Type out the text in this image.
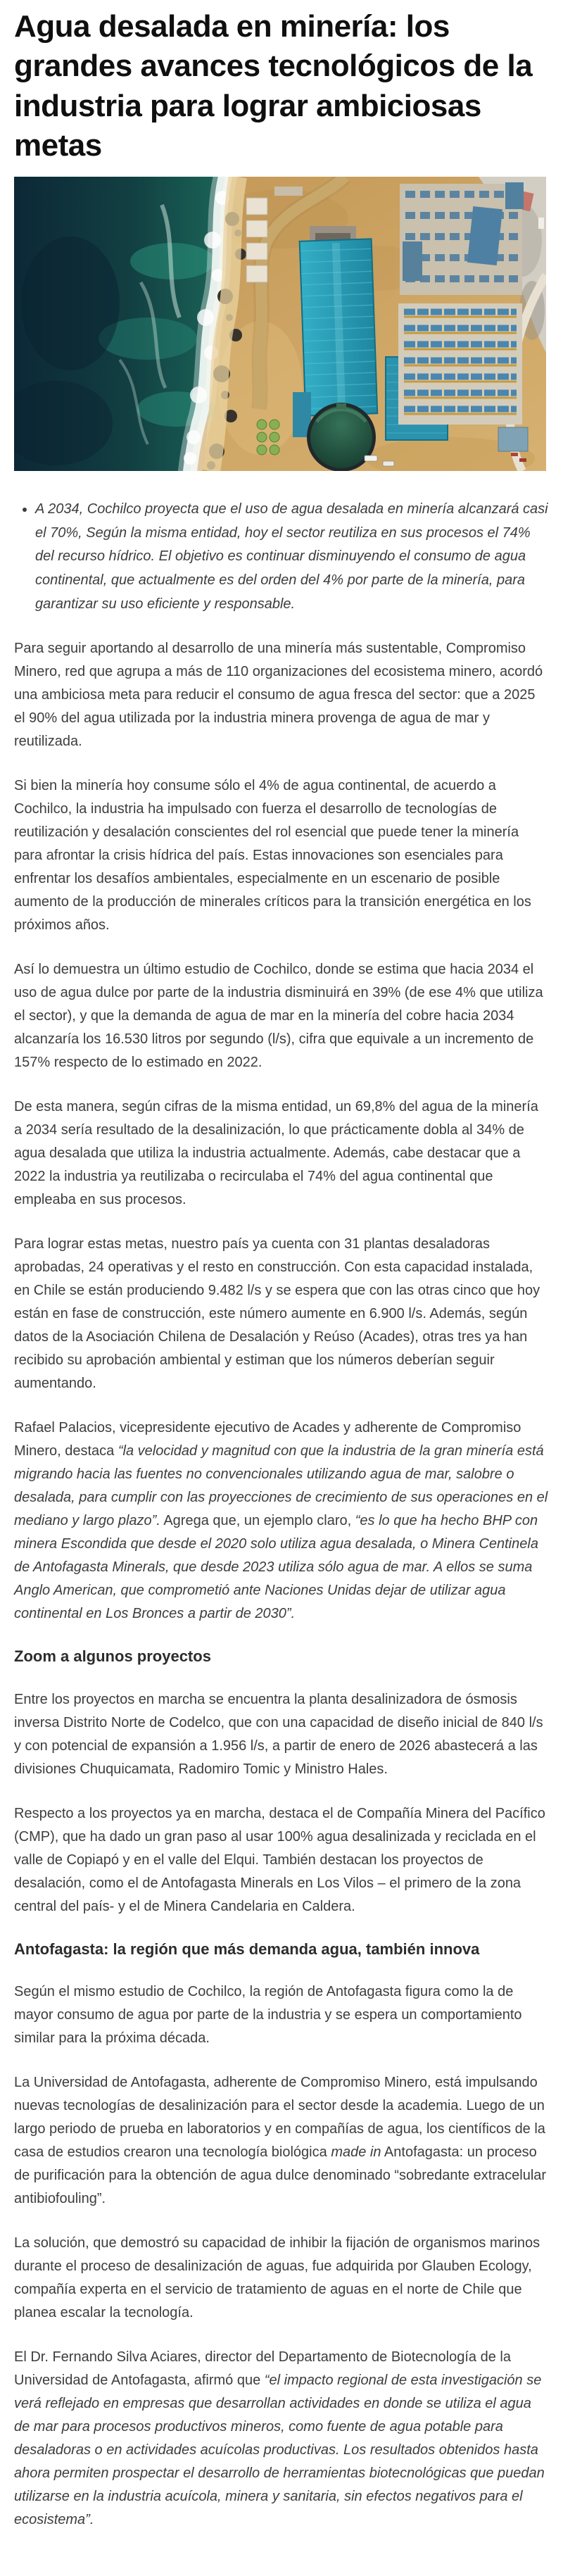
Agua desalada en minería: los grandes avances tecnológicos de la industria para lograr ambiciosas metas
• A 2034, Cochilco proyecta que el uso de agua desalada en minería alcanzará casi el 70%, Según la misma entidad, hoy el sector reutiliza en sus procesos el 74% del recurso hídrico. El objetivo es continuar disminuyendo el consumo de agua continental, que actualmente es del orden del 4% por parte de la minería, para garantizar su uso eficiente y responsable.

Para seguir aportando al desarrollo de una minería más sustentable, Compromiso Minero, red que agrupa a más de 110 organizaciones del ecosistema minero, acordó una ambiciosa meta para reducir el consumo de agua fresca del sector: que a 2025 el 90% del agua utilizada por la industria minera provenga de agua de mar y reutilizada.

Si bien la minería hoy consume sólo el 4% de agua continental, de acuerdo a Cochilco, la industria ha impulsado con fuerza el desarrollo de tecnologías de reutilización y desalación conscientes del rol esencial que puede tener la minería para afrontar la crisis hídrica del país. Estas innovaciones son esenciales para enfrentar los desafíos ambientales, especialmente en un escenario de posible aumento de la producción de minerales críticos para la transición energética en los próximos años.

Así lo demuestra un último estudio de Cochilco, donde se estima que hacia 2034 el uso de agua dulce por parte de la industria disminuirá en 39% (de ese 4% que utiliza el sector), y que la demanda de agua de mar en la minería del cobre hacia 2034 alcanzaría los 16.530 litros por segundo (l/s), cifra que equivale a un incremento de 157% respecto de lo estimado en 2022.

De esta manera, según cifras de la misma entidad, un 69,8% del agua de la minería a 2034 sería resultado de la desalinización, lo que prácticamente dobla al 34% de agua desalada que utiliza la industria actualmente. Además, cabe destacar que a 2022 la industria ya reutilizaba o recirculaba el 74% del agua continental que empleaba en sus procesos.

Para lograr estas metas, nuestro país ya cuenta con 31 plantas desaladoras aprobadas, 24 operativas y el resto en construcción. Con esta capacidad instalada, en Chile se están produciendo 9.482 l/s y se espera que con las otras cinco que hoy están en fase de construcción, este número aumente en 6.900 l/s. Además, según datos de la Asociación Chilena de Desalación y Reúso (Acades), otras tres ya han recibido su aprobación ambiental y estiman que los números deberían seguir aumentando.

Rafael Palacios, vicepresidente ejecutivo de Acades y adherente de Compromiso Minero, destaca “la velocidad y magnitud con que la industria de la gran minería está migrando hacia las fuentes no convencionales utilizando agua de mar, salobre o desalada, para cumplir con las proyecciones de crecimiento de sus operaciones en el mediano y largo plazo”. Agrega que, un ejemplo claro, “es lo que ha hecho BHP con minera Escondida que desde el 2020 solo utiliza agua desalada, o Minera Centinela de Antofagasta Minerals, que desde 2023 utiliza sólo agua de mar. A ellos se suma Anglo American, que comprometió ante Naciones Unidas dejar de utilizar agua continental en Los Bronces a partir de 2030”.

Zoom a algunos proyectos

Entre los proyectos en marcha se encuentra la planta desalinizadora de ósmosis inversa Distrito Norte de Codelco, que con una capacidad de diseño inicial de 840 l/s y con potencial de expansión a 1.956 l/s, a partir de enero de 2026 abastecerá a las divisiones Chuquicamata, Radomiro Tomic y Ministro Hales.

Respecto a los proyectos ya en marcha, destaca el de Compañía Minera del Pacífico (CMP), que ha dado un gran paso al usar 100% agua desalinizada y reciclada en el valle de Copiapó y en el valle del Elqui. También destacan los proyectos de desalación, como el de Antofagasta Minerals en Los Vilos – el primero de la zona central del país- y el de Minera Candelaria en Caldera.

Antofagasta: la región que más demanda agua, también innova

Según el mismo estudio de Cochilco, la región de Antofagasta figura como la de mayor consumo de agua por parte de la industria y se espera un comportamiento similar para la próxima década.

La Universidad de Antofagasta, adherente de Compromiso Minero, está impulsando nuevas tecnologías de desalinización para el sector desde la academia. Luego de un largo periodo de prueba en laboratorios y en compañías de agua, los científicos de la casa de estudios crearon una tecnología biológica made in Antofagasta: un proceso de purificación para la obtención de agua dulce denominado “sobredante extracelular antibiofouling”.

La solución, que demostró su capacidad de inhibir la fijación de organismos marinos durante el proceso de desalinización de aguas, fue adquirida por Glauben Ecology, compañía experta en el servicio de tratamiento de aguas en el norte de Chile que planea escalar la tecnología.

El Dr. Fernando Silva Aciares, director del Departamento de Biotecnología de la Universidad de Antofagasta, afirmó que “el impacto regional de esta investigación se verá reflejado en empresas que desarrollan actividades en donde se utiliza el agua de mar para procesos productivos mineros, como fuente de agua potable para desaladoras o en actividades acuícolas productivas. Los resultados obtenidos hasta ahora permiten prospectar el desarrollo de herramientas biotecnológicas que puedan utilizarse en la industria acuícola, minera y sanitaria, sin efectos negativos para el ecosistema”.
